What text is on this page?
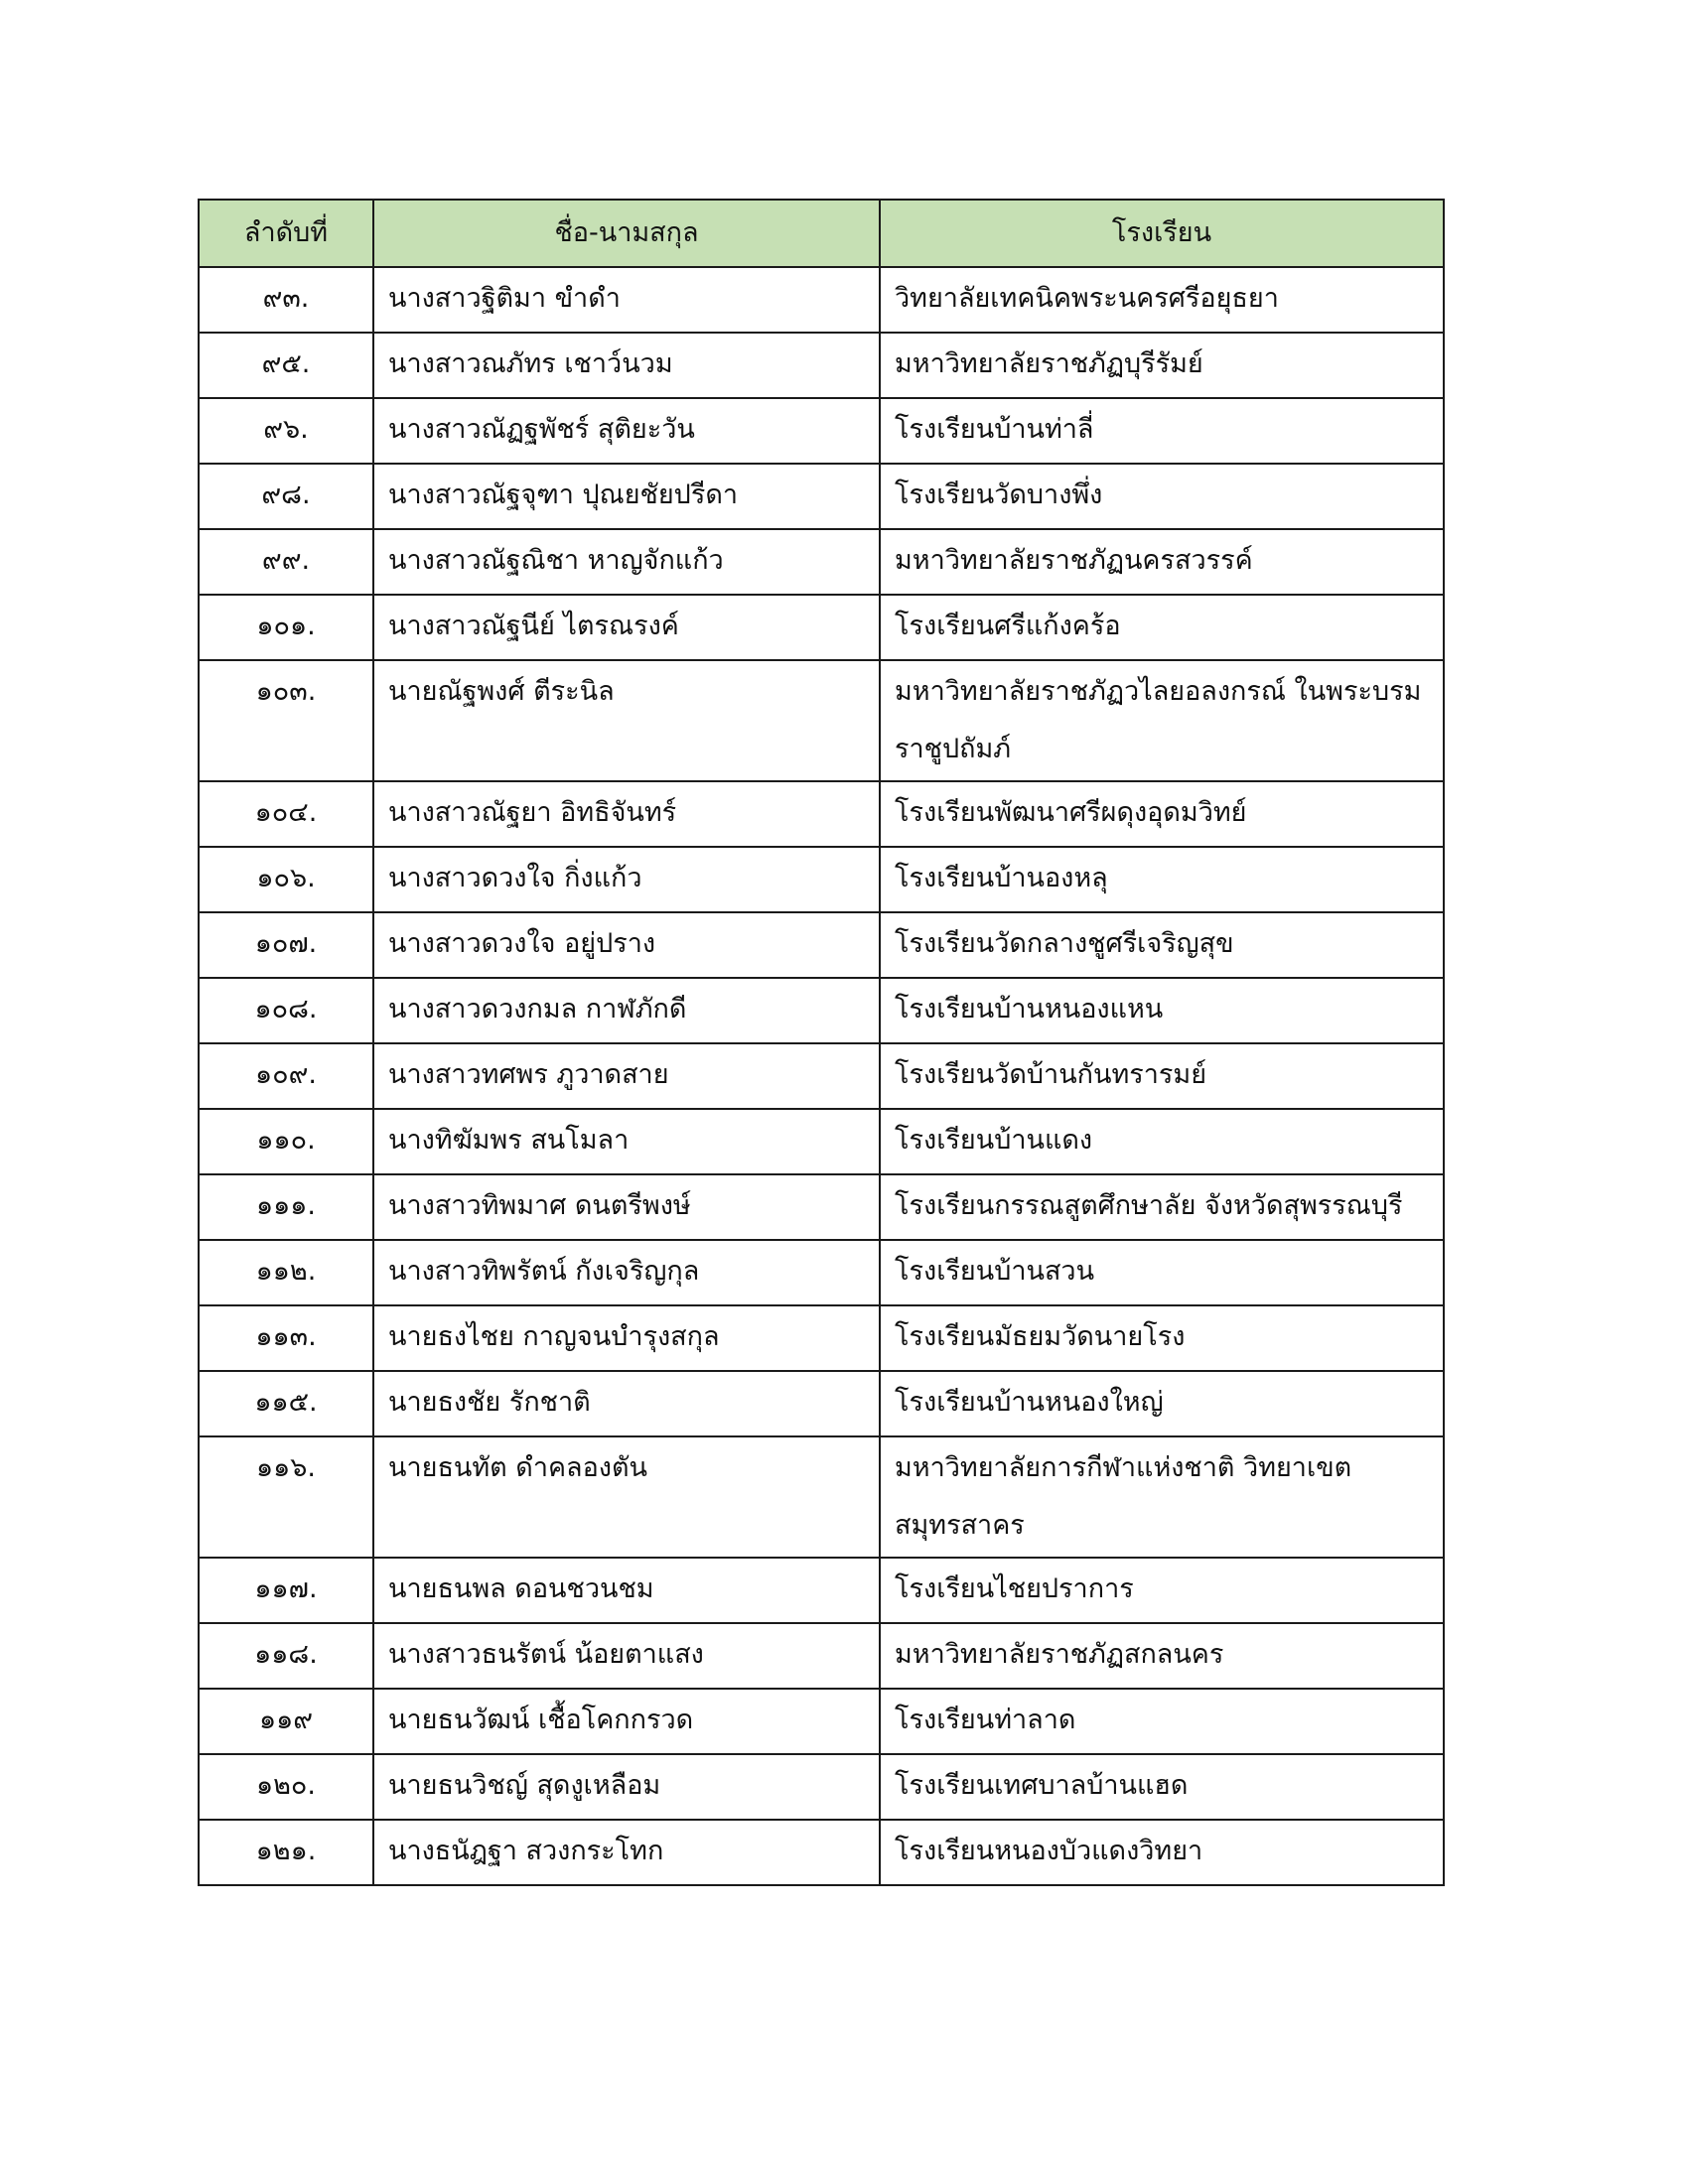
ลำดับที่	ชื่อ-นามสกุล	โรงเรียน
๙๓.	นางสาวฐิติมา ขำดำ	วิทยาลัยเทคนิคพระนครศรีอยุธยา
๙๕.	นางสาวณภัทร เชาว์นวม	มหาวิทยาลัยราชภัฏบุรีรัมย์
๙๖.	นางสาวณัฏฐพัชร์ สุติยะวัน	โรงเรียนบ้านท่าลี่
๙๘.	นางสาวณัฐจุฑา ปุณยชัยปรีดา	โรงเรียนวัดบางพึ่ง
๙๙.	นางสาวณัฐณิชา หาญจักแก้ว	มหาวิทยาลัยราชภัฏนครสวรรค์
๑๐๑.	นางสาวณัฐนีย์ ไตรณรงค์	โรงเรียนศรีแก้งคร้อ
๑๐๓.	นายณัฐพงศ์ ตีระนิล	มหาวิทยาลัยราชภัฏวไลยอลงกรณ์ ในพระบรมราชูปถัมภ์
๑๐๔.	นางสาวณัฐยา อิทธิจันทร์	โรงเรียนพัฒนาศรีผดุงอุดมวิทย์
๑๐๖.	นางสาวดวงใจ กิ่งแก้ว	โรงเรียนบ้านองหลุ
๑๐๗.	นางสาวดวงใจ อยู่ปราง	โรงเรียนวัดกลางชูศรีเจริญสุข
๑๐๘.	นางสาวดวงกมล กาฬภักดี	โรงเรียนบ้านหนองแหน
๑๐๙.	นางสาวทศพร ภูวาดสาย	โรงเรียนวัดบ้านกันทรารมย์
๑๑๐.	นางทิฆัมพร สนโมลา	โรงเรียนบ้านแดง
๑๑๑.	นางสาวทิพมาศ ดนตรีพงษ์	โรงเรียนกรรณสูตศึกษาลัย จังหวัดสุพรรณบุรี
๑๑๒.	นางสาวทิพรัตน์ กังเจริญกุล	โรงเรียนบ้านสวน
๑๑๓.	นายธงไชย กาญจนบำรุงสกุล	โรงเรียนมัธยมวัดนายโรง
๑๑๕.	นายธงชัย รักชาติ	โรงเรียนบ้านหนองใหญ่
๑๑๖.	นายธนทัต ดำคลองตัน	มหาวิทยาลัยการกีฬาแห่งชาติ วิทยาเขตสมุทรสาคร
๑๑๗.	นายธนพล ดอนชวนชม	โรงเรียนไชยปราการ
๑๑๘.	นางสาวธนรัตน์ น้อยตาแสง	มหาวิทยาลัยราชภัฏสกลนคร
๑๑๙	นายธนวัฒน์ เชื้อโคกกรวด	โรงเรียนท่าลาด
๑๒๐.	นายธนวิชญ์ สุดงูเหลือม	โรงเรียนเทศบาลบ้านแฮด
๑๒๑.	นางธนัฎฐา สวงกระโทก	โรงเรียนหนองบัวแดงวิทยา
